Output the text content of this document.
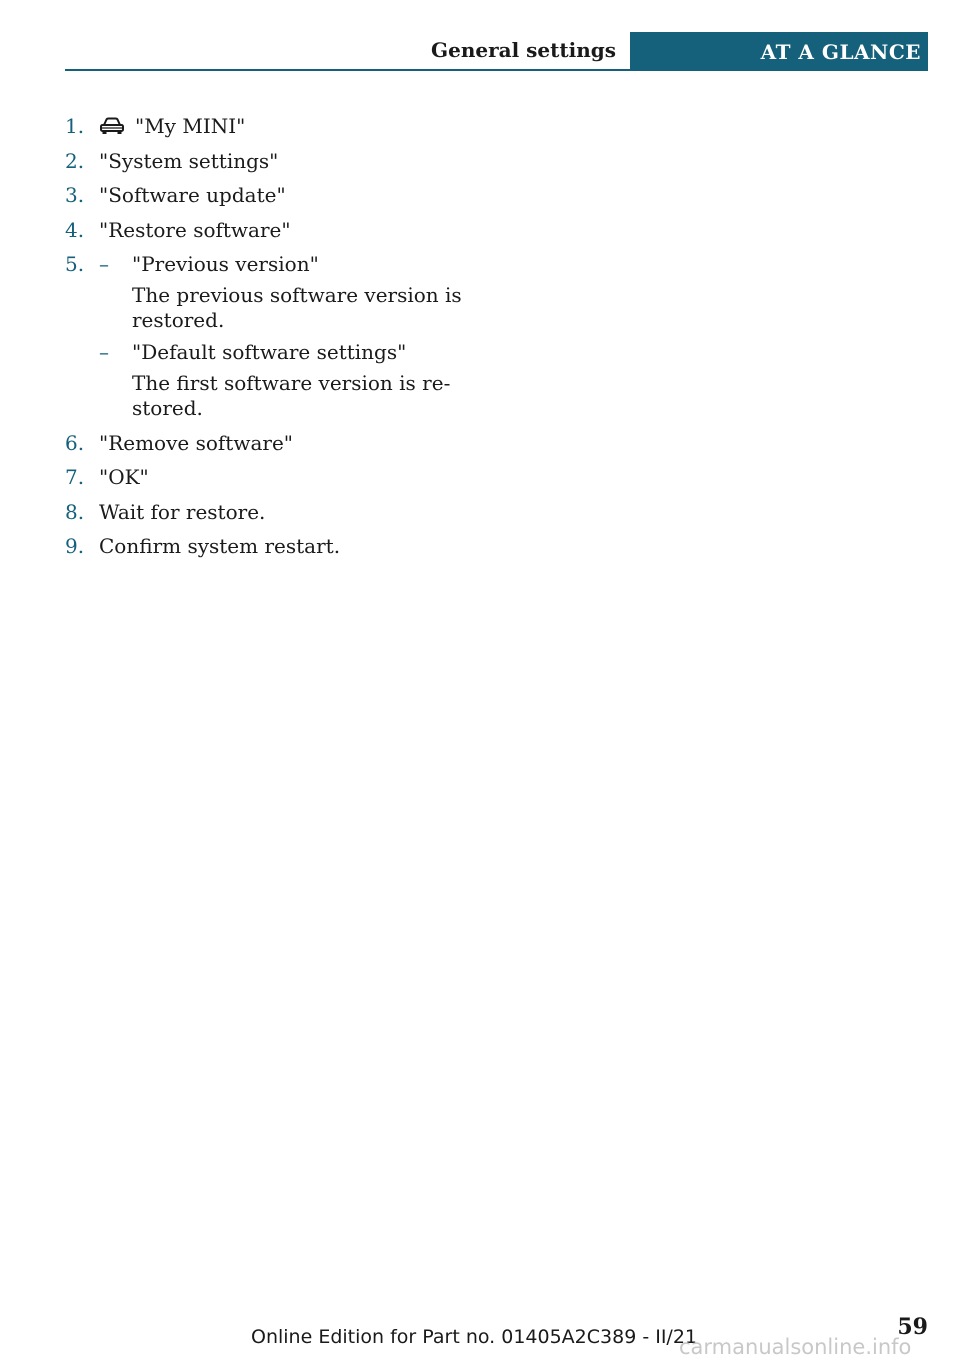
General settings	AT A GLANCE
1.	"My MINI"
2. "System settings"
3. "Software update"
4. "Restore software"
5. – "Previous version"
The previous software version is restored.
– "Default software settings"
The first software version is restored.
6. "Remove software"
7. "OK"
8. Wait for restore.
9. Confirm system restart.
Online Edition for Part no. 01405A2C389 - II/21	59
carmanualsonline.info
